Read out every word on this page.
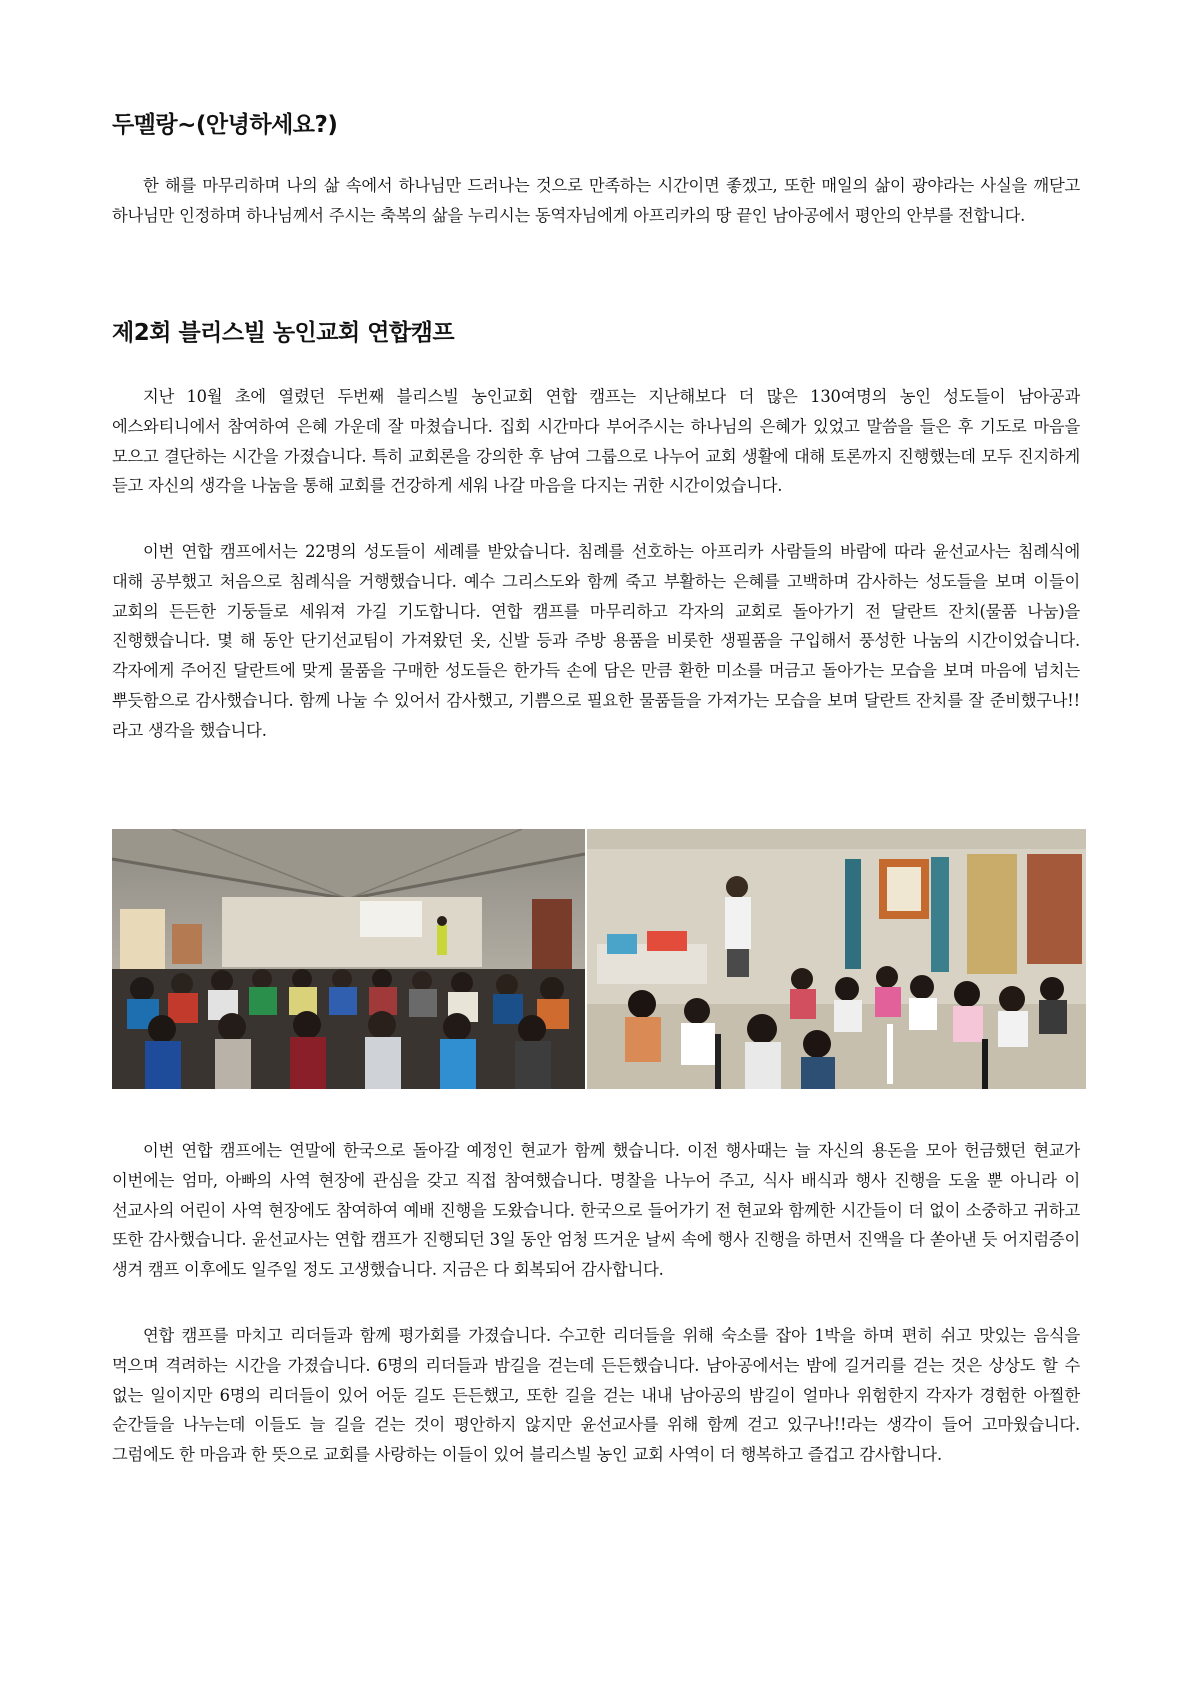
두멜랑~(안녕하세요?)

한 해를 마무리하며 나의 삶 속에서 하나님만 드러나는 것으로 만족하는 시간이면 좋겠고, 또한 매일의 삶이 광야라는 사실을 깨닫고 하나님만 인정하며 하나님께서 주시는 축복의 삶을 누리시는 동역자님에게 아프리카의 땅 끝인 남아공에서 평안의 안부를 전합니다.

제2회 블리스빌 농인교회 연합캠프

지난 10월 초에 열렸던 두번째 블리스빌 농인교회 연합 캠프는 지난해보다 더 많은 130여명의 농인 성도들이 남아공과 에스와티니에서 참여하여 은혜 가운데 잘 마쳤습니다. 집회 시간마다 부어주시는 하나님의 은혜가 있었고 말씀을 들은 후 기도로 마음을 모으고 결단하는 시간을 가졌습니다. 특히 교회론을 강의한 후 남여 그룹으로 나누어 교회 생활에 대해 토론까지 진행했는데 모두 진지하게 듣고 자신의 생각을 나눔을 통해 교회를 건강하게 세워 나갈 마음을 다지는 귀한 시간이었습니다.

이번 연합 캠프에서는 22명의 성도들이 세례를 받았습니다. 침례를 선호하는 아프리카 사람들의 바람에 따라 윤선교사는 침례식에 대해 공부했고 처음으로 침례식을 거행했습니다. 예수 그리스도와 함께 죽고 부활하는 은혜를 고백하며 감사하는 성도들을 보며 이들이 교회의 든든한 기둥들로 세워져 가길 기도합니다. 연합 캠프를 마무리하고 각자의 교회로 돌아가기 전 달란트 잔치(물품 나눔)을 진행했습니다. 몇 해 동안 단기선교팀이 가져왔던 옷, 신발 등과 주방 용품을 비롯한 생필품을 구입해서 풍성한 나눔의 시간이었습니다. 각자에게 주어진 달란트에 맞게 물품을 구매한 성도들은 한가득 손에 담은 만큼 환한 미소를 머금고 돌아가는 모습을 보며 마음에 넘치는 뿌듯함으로 감사했습니다. 함께 나눌 수 있어서 감사했고, 기쁨으로 필요한 물품들을 가져가는 모습을 보며 달란트 잔치를 잘 준비했구나!!라고 생각을 했습니다.

이번 연합 캠프에는 연말에 한국으로 돌아갈 예정인 현교가 함께 했습니다. 이전 행사때는 늘 자신의 용돈을 모아 헌금했던 현교가 이번에는 엄마, 아빠의 사역 현장에 관심을 갖고 직접 참여했습니다. 명찰을 나누어 주고, 식사 배식과 행사 진행을 도울 뿐 아니라 이 선교사의 어린이 사역 현장에도 참여하여 예배 진행을 도왔습니다. 한국으로 들어가기 전 현교와 함께한 시간들이 더 없이 소중하고 귀하고 또한 감사했습니다. 윤선교사는 연합 캠프가 진행되던 3일 동안 엄청 뜨거운 날씨 속에 행사 진행을 하면서 진액을 다 쏟아낸 듯 어지럼증이 생겨 캠프 이후에도 일주일 정도 고생했습니다. 지금은 다 회복되어 감사합니다.

연합 캠프를 마치고 리더들과 함께 평가회를 가졌습니다. 수고한 리더들을 위해 숙소를 잡아 1박을 하며 편히 쉬고 맛있는 음식을 먹으며 격려하는 시간을 가졌습니다. 6명의 리더들과 밤길을 걷는데 든든했습니다. 남아공에서는 밤에 길거리를 걷는 것은 상상도 할 수 없는 일이지만 6명의 리더들이 있어 어둔 길도 든든했고, 또한 길을 걷는 내내 남아공의 밤길이 얼마나 위험한지 각자가 경험한 아찔한 순간들을 나누는데 이들도 늘 길을 걷는 것이 평안하지 않지만 윤선교사를 위해 함께 걷고 있구나!!라는 생각이 들어 고마웠습니다. 그럼에도 한 마음과 한 뜻으로 교회를 사랑하는 이들이 있어 블리스빌 농인 교회 사역이 더 행복하고 즐겁고 감사합니다.
